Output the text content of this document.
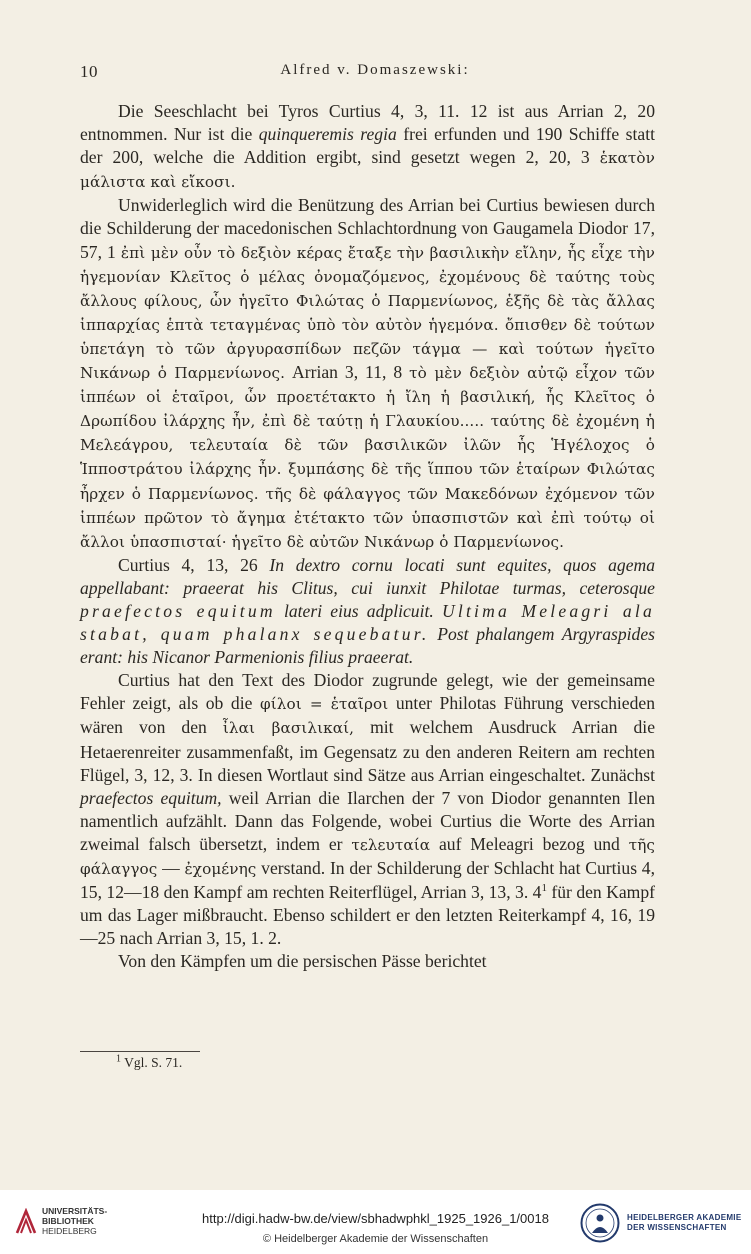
10	Alfred v. Domaszewski:

Die Seeschlacht bei Tyros Curtius 4, 3, 11. 12 ist aus Arrian 2, 20 entnommen. Nur ist die quinqueremis regia frei erfunden und 190 Schiffe statt der 200, welche die Addition ergibt, sind gesetzt wegen 2, 20, 3 ἑκατὸν μάλιστα καὶ εἴκοσι.

Unwiderleglich wird die Benützung des Arrian bei Curtius bewiesen durch die Schilderung der macedonischen Schlachtordnung von Gaugamela Diodor 17, 57, 1 ἐπὶ μὲν οὖν τὸ δεξιὸν κέρας ἔταξε τὴν βασιλικὴν εἴλην, ἧς εἶχε τὴν ἡγεμονίαν Κλεῖτος ὁ μέλας ὀνομαζόμενος, ἐχομένους δὲ ταύτης τοὺς ἄλλους φίλους, ὧν ἡγεῖτο Φιλώτας ὁ Παρμενίωνος, ἑξῆς δὲ τὰς ἄλλας ἱππαρχίας ἑπτὰ τεταγμένας ὑπὸ τὸν αὐτὸν ἡγεμόνα. ὄπισθεν δὲ τούτων ὑπετάγη τὸ τῶν ἀργυρασπίδων πεζῶν τάγμα — καὶ τούτων ἡγεῖτο Νικάνωρ ὁ Παρμενίωνος. Arrian 3, 11, 8 τὸ μὲν δεξιὸν αὐτῷ εἶχον τῶν ἱππέων οἱ ἑταῖροι, ὧν προετέτακτο ἡ ἴλη ἡ βασιλική, ἧς Κλεῖτος ὁ Δρωπίδου ἰλάρχης ἦν, ἐπὶ δὲ ταύτῃ ἡ Γλαυκίου..... ταύτης δὲ ἐχομένη ἡ Μελεάγρου, τελευταία δὲ τῶν βασιλικῶν ἰλῶν ἧς Ἡγέλοχος ὁ Ἱπποστράτου ἰλάρχης ἦν. ξυμπάσης δὲ τῆς ἵππου τῶν ἑταίρων Φιλώτας ἦρχεν ὁ Παρμενίωνος. τῆς δὲ φάλαγγος τῶν Μακεδόνων ἐχόμενον τῶν ἱππέων πρῶτον τὸ ἄγημα ἐτέτακτο τῶν ὑπασπιστῶν καὶ ἐπὶ τούτῳ οἱ ἄλλοι ὑπασπισταί· ἡγεῖτο δὲ αὐτῶν Νικάνωρ ὁ Παρμενίωνος.

Curtius 4, 13, 26 In dextro cornu locati sunt equites, quos agema appellabant: praeerat his Clitus, cui iunxit Philotae turmas, ceterosque praefectos equitum lateri eius adplicuit. Ultima Meleagri ala stabat, quam phalanx sequebatur. Post phalangem Argyraspides erant: his Nicanor Parmenionis filius praeerat.

Curtius hat den Text des Diodor zugrunde gelegt, wie der gemeinsame Fehler zeigt, als ob die φίλοι = ἑταῖροι unter Philotas Führung verschieden wären von den ἶλαι βασιλικαί, mit welchem Ausdruck Arrian die Hetaerenreiter zusammenfaßt, im Gegensatz zu den anderen Reitern am rechten Flügel, 3, 12, 3. In diesen Wortlaut sind Sätze aus Arrian eingeschaltet. Zunächst praefectos equitum, weil Arrian die Ilarchen der 7 von Diodor genannten Ilen namentlich aufzählt. Dann das Folgende, wobei Curtius die Worte des Arrian zweimal falsch übersetzt, indem er τελευταία auf Meleagri bezog und τῆς φάλαγγος — ἐχομένης verstand. In der Schilderung der Schlacht hat Curtius 4, 15, 12—18 den Kampf am rechten Reiterflügel, Arrian 3, 13, 3. $4^1$ für den Kampf um das Lager mißbraucht. Ebenso schildert er den letzten Reiterkampf 4, 16, 19—25 nach Arrian 3, 15, 1. 2.

Von den Kämpfen um die persischen Pässe berichtet

$^1$ Vgl. S. 71.
UNIVERSITÄTS-
BIBLIOTHEK
HEIDELBERG
http://digi.hadw-bw.de/view/sbhadwphkl_1925_1926_1/0018
© Heidelberger Akademie der Wissenschaften
HEIDELBERGER AKADEMIE
DER WISSENSCHAFTEN
